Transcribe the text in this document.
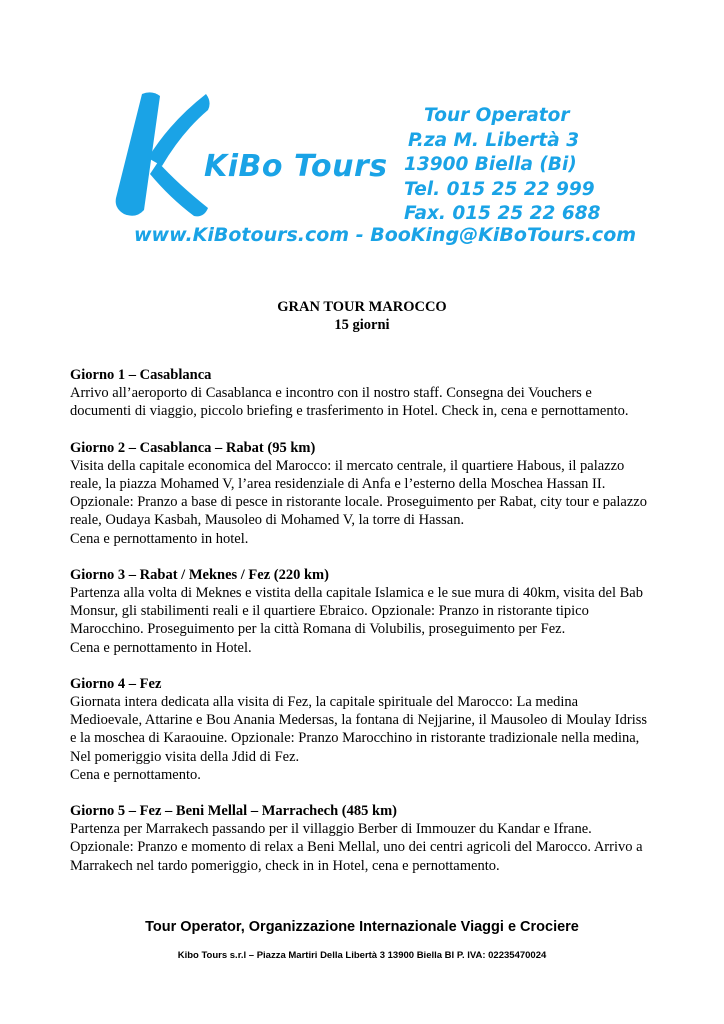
KiBo Tours
Tour Operator
P.za M. Libertà 3
13900 Biella (Bi)
Tel. 015 25 22 999
Fax. 015 25 22 688
www.KiBotours.com - BooKing@KiBoTours.com
GRAN TOUR MAROCCO
15 giorni
Giorno 1 – Casablanca

Arrivo all’aeroporto di Casablanca e incontro con il nostro staff. Consegna dei Vouchers e

documenti di viaggio, piccolo briefing e trasferimento in Hotel. Check in, cena e pernottamento.

Giorno 2 – Casablanca – Rabat (95 km)

Visita della capitale economica del Marocco: il mercato centrale, il quartiere Habous, il palazzo

reale, la piazza Mohamed V, l’area residenziale di Anfa e l’esterno della Moschea Hassan II.

Opzionale: Pranzo a base di pesce in ristorante locale. Proseguimento per Rabat, city tour e palazzo

reale, Oudaya Kasbah, Mausoleo di Mohamed V, la torre di Hassan.

Cena e pernottamento in hotel.

Giorno 3 – Rabat / Meknes / Fez (220 km)

Partenza alla volta di Meknes e vistita della capitale Islamica e le sue mura di 40km, visita del Bab

Monsur, gli stabilimenti reali e il quartiere Ebraico. Opzionale: Pranzo in ristorante tipico

Marocchino. Proseguimento per la città Romana di Volubilis, proseguimento per Fez.

Cena e pernottamento in Hotel.

Giorno 4 – Fez

Giornata intera dedicata alla visita di Fez, la capitale spirituale del Marocco: La medina

Medioevale, Attarine e Bou Anania Medersas, la fontana di Nejjarine, il Mausoleo di Moulay Idriss

e la moschea di Karaouine. Opzionale: Pranzo Marocchino in ristorante tradizionale nella medina,

Nel pomeriggio visita della Jdid di Fez.

Cena e pernottamento.

Giorno 5 – Fez – Beni Mellal – Marrachech (485 km)

Partenza per Marrakech passando per il villaggio Berber di Immouzer du Kandar e Ifrane.

Opzionale: Pranzo e momento di relax a Beni Mellal, uno dei centri agricoli del Marocco. Arrivo a

Marrakech nel tardo pomeriggio, check in in Hotel, cena e pernottamento.

Tour Operator, Organizzazione Internazionale Viaggi e Crociere
Kibo Tours s.r.l – Piazza Martiri Della Libertà 3 13900 Biella BI P. IVA: 02235470024
